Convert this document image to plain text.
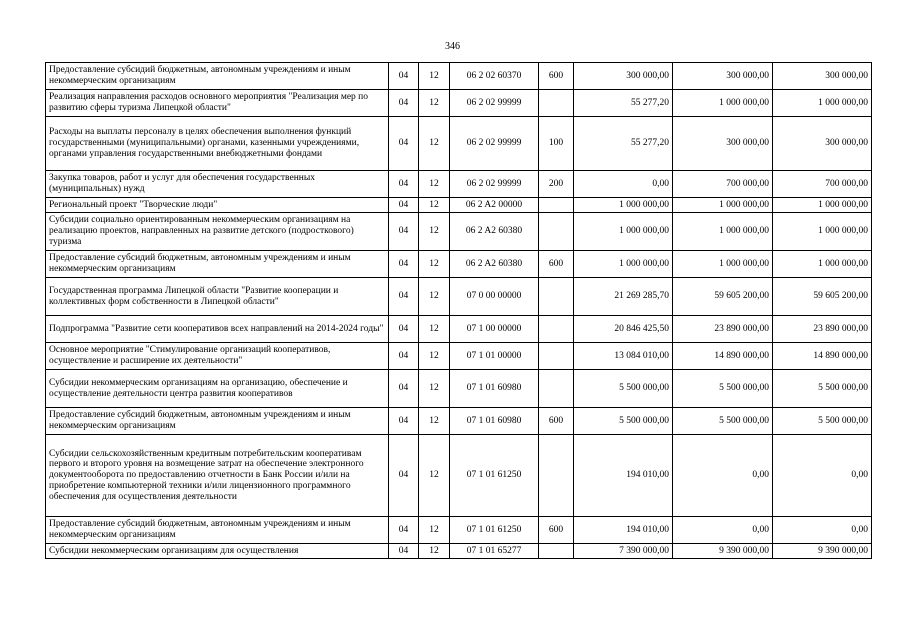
346
Предоставление субсидий бюджетным, автономным учреждениям и иным некоммерческим организациям	04	12	06 2 02 60370	600	300 000,00	300 000,00	300 000,00
Реализация направления расходов основного мероприятия "Реализация мер по развитию сферы туризма Липецкой области"	04	12	06 2 02 99999		55 277,20	1 000 000,00	1 000 000,00
Расходы на выплаты персоналу в целях обеспечения выполнения функций государственными (муниципальными) органами, казенными учреждениями, органами управления государственными внебюджетными фондами	04	12	06 2 02 99999	100	55 277,20	300 000,00	300 000,00
Закупка товаров, работ и услуг для обеспечения государственных (муниципальных) нужд	04	12	06 2 02 99999	200	0,00	700 000,00	700 000,00
Региональный проект "Творческие люди"	04	12	06 2 A2 00000		1 000 000,00	1 000 000,00	1 000 000,00
Субсидии социально ориентированным некоммерческим организациям на реализацию проектов, направленных на развитие детского (подросткового) туризма	04	12	06 2 A2 60380		1 000 000,00	1 000 000,00	1 000 000,00
Предоставление субсидий бюджетным, автономным учреждениям и иным некоммерческим организациям	04	12	06 2 A2 60380	600	1 000 000,00	1 000 000,00	1 000 000,00
Государственная программа Липецкой области "Развитие кооперации и коллективных форм собственности в Липецкой области"	04	12	07 0 00 00000		21 269 285,70	59 605 200,00	59 605 200,00
Подпрограмма "Развитие сети кооперативов всех направлений на 2014-2024 годы"	04	12	07 1 00 00000		20 846 425,50	23 890 000,00	23 890 000,00
Основное мероприятие "Стимулирование организаций кооперативов, осуществление и расширение их деятельности"	04	12	07 1 01 00000		13 084 010,00	14 890 000,00	14 890 000,00
Субсидии некоммерческим организациям на организацию, обеспечение и осуществление деятельности центра развития кооперативов	04	12	07 1 01 60980		5 500 000,00	5 500 000,00	5 500 000,00
Предоставление субсидий бюджетным, автономным учреждениям и иным некоммерческим организациям	04	12	07 1 01 60980	600	5 500 000,00	5 500 000,00	5 500 000,00
Субсидии сельскохозяйственным кредитным потребительским кооперативам первого и второго уровня на возмещение затрат на обеспечение электронного документооборота по предоставлению отчетности в Банк России и/или на приобретение компьютерной техники и/или лицензионного программного обеспечения для осуществления деятельности	04	12	07 1 01 61250		194 010,00	0,00	0,00
Предоставление субсидий бюджетным, автономным учреждениям и иным некоммерческим организациям	04	12	07 1 01 61250	600	194 010,00	0,00	0,00
Субсидии некоммерческим организациям для осуществления	04	12	07 1 01 65277		7 390 000,00	9 390 000,00	9 390 000,00
